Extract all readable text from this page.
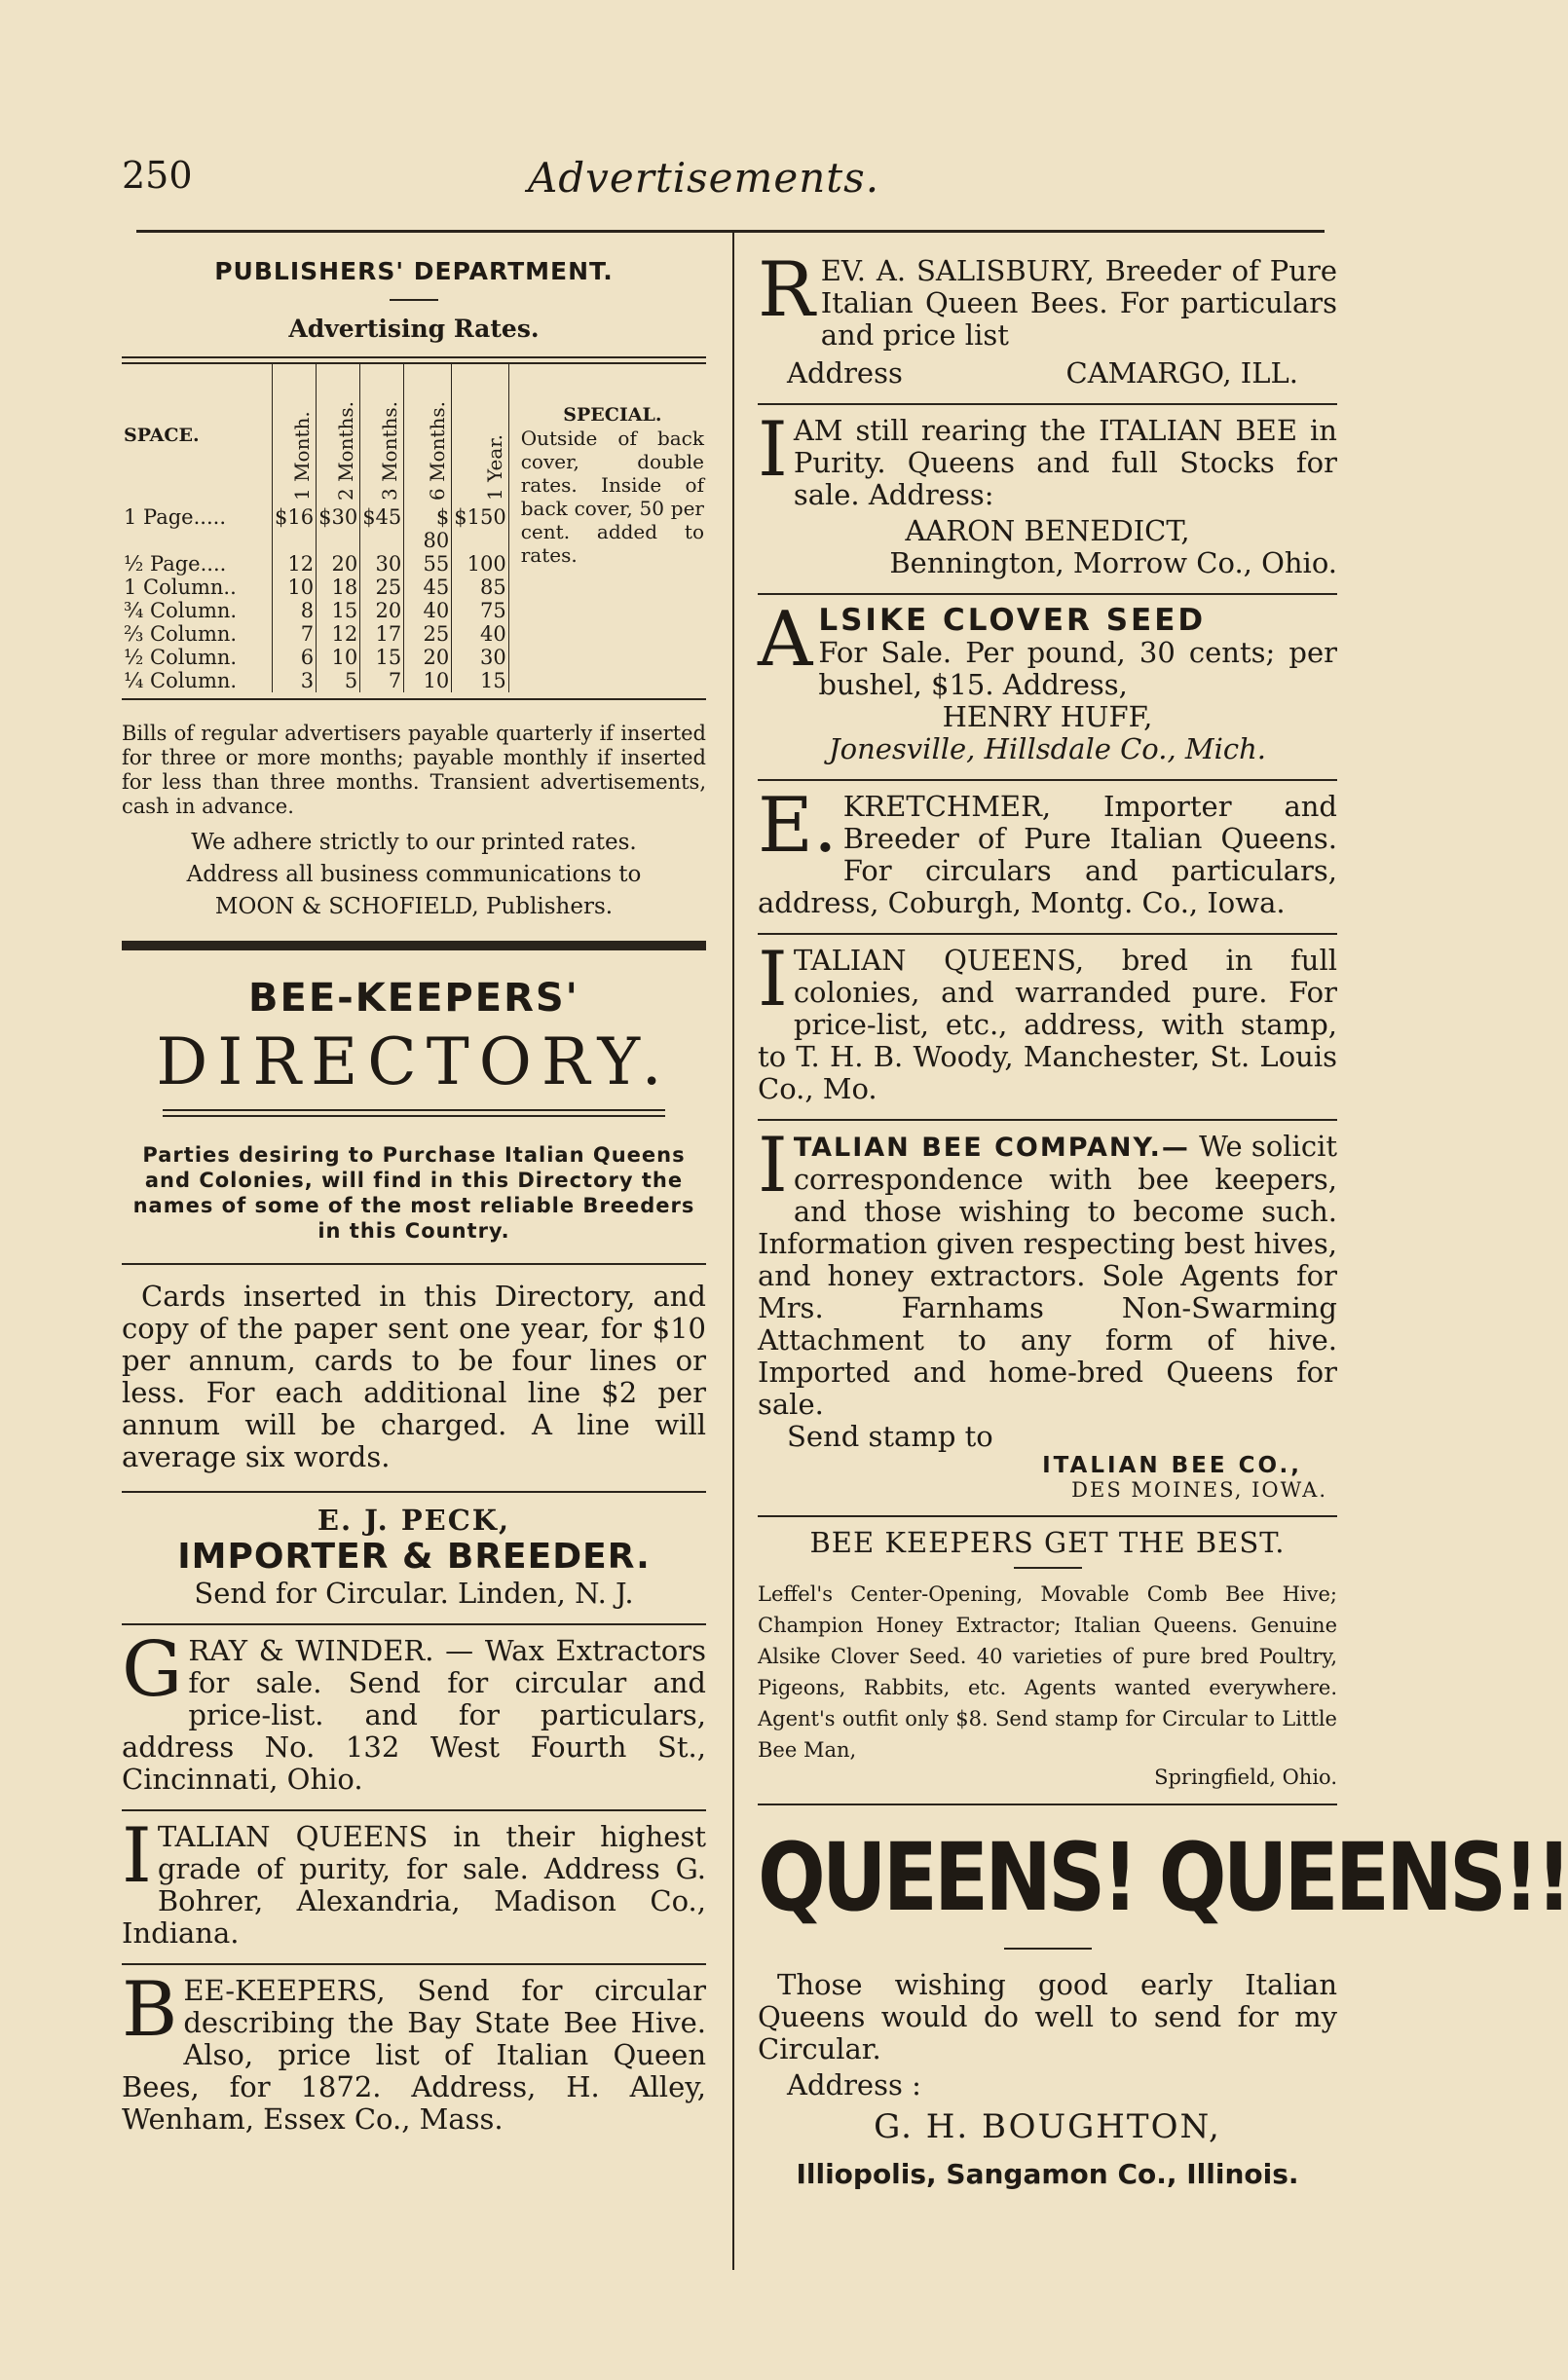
250	Advertisements.
PUBLISHERS' DEPARTMENT.
Advertising Rates.
SPACE.	1 Month.	2 Months.	3 Months.	6 Months.	1 Year.	SPECIAL.
Outside of back cover, double rates. Inside of back cover, 50 per cent. added to rates.

1 Page.....	$16	$30	$45	$ 80	$150	
½ Page....	12	20	30	55	100	
1 Column..	10	18	25	45	85	
¾ Column.	8	15	20	40	75	
⅔ Column.	7	12	17	25	40	
½ Column.	6	10	15	20	30	
¼ Column.	3	5	7	10	15	
Bills of regular advertisers payable quarterly if inserted for three or more months; payable monthly if inserted for less than three months. Transient advertisements, cash in advance.
We adhere strictly to our printed rates.
Address all business communications to
MOON & SCHOFIELD, Publishers.
BEE-KEEPERS'
DIRECTORY.
Parties desiring to Purchase Italian Queens and Colonies, will find in this Directory the names of some of the most reliable Breeders in this Country.
Cards inserted in this Directory, and copy of the paper sent one year, for $10 per annum, cards to be four lines or less. For each additional line $2 per annum will be charged. A line will average six words.
E. J. PECK,
IMPORTER & BREEDER.
Send for Circular. Linden, N. J.
GRAY & WINDER. — Wax Extractors for sale. Send for circular and price-list. and for particulars, address No. 132 West Fourth St., Cincinnati, Ohio.
ITALIAN QUEENS in their highest grade of purity, for sale. Address G. Bohrer, Alexandria, Madison Co., Indiana.
BEE-KEEPERS, Send for circular describing the Bay State Bee Hive. Also, price list of Italian Queen Bees, for 1872. Address, H. Alley, Wenham, Essex Co., Mass.
REV. A. SALISBURY, Breeder of Pure Italian Queen Bees. For particulars and price list
Address	CAMARGO, ILL.
IAM still rearing the ITALIAN BEE in Purity. Queens and full Stocks for sale. Address:
AARON BENEDICT,
Bennington, Morrow Co., Ohio.
ALSIKE CLOVER SEED
For Sale. Per pound, 30 cents; per bushel, $15. Address,
HENRY HUFF,
Jonesville, Hillsdale Co., Mich.
E. KRETCHMER, Importer and Breeder of Pure Italian Queens. For circulars and particulars, address, Coburgh, Montg. Co., Iowa.
ITALIAN QUEENS, bred in full colonies, and warranded pure. For price-list, etc., address, with stamp, to T. H. B. Woody, Manchester, St. Louis Co., Mo.
ITALIAN BEE COMPANY.— We solicit correspondence with bee keepers, and those wishing to become such. Information given respecting best hives, and honey extractors. Sole Agents for Mrs. Farnhams Non-Swarming Attachment to any form of hive. Imported and home-bred Queens for sale.
Send stamp to
ITALIAN BEE CO.,
DES MOINES, IOWA.
BEE KEEPERS GET THE BEST.
Leffel's Center-Opening, Movable Comb Bee Hive; Champion Honey Extractor; Italian Queens. Genuine Alsike Clover Seed. 40 varieties of pure bred Poultry, Pigeons, Rabbits, etc. Agents wanted everywhere. Agent's outfit only $8. Send stamp for Circular to Little Bee Man,
Springfield, Ohio.
QUEENS! QUEENS!!
Those wishing good early Italian Queens would do well to send for my Circular.
Address :
G. H. BOUGHTON,
Illiopolis, Sangamon Co., Illinois.
